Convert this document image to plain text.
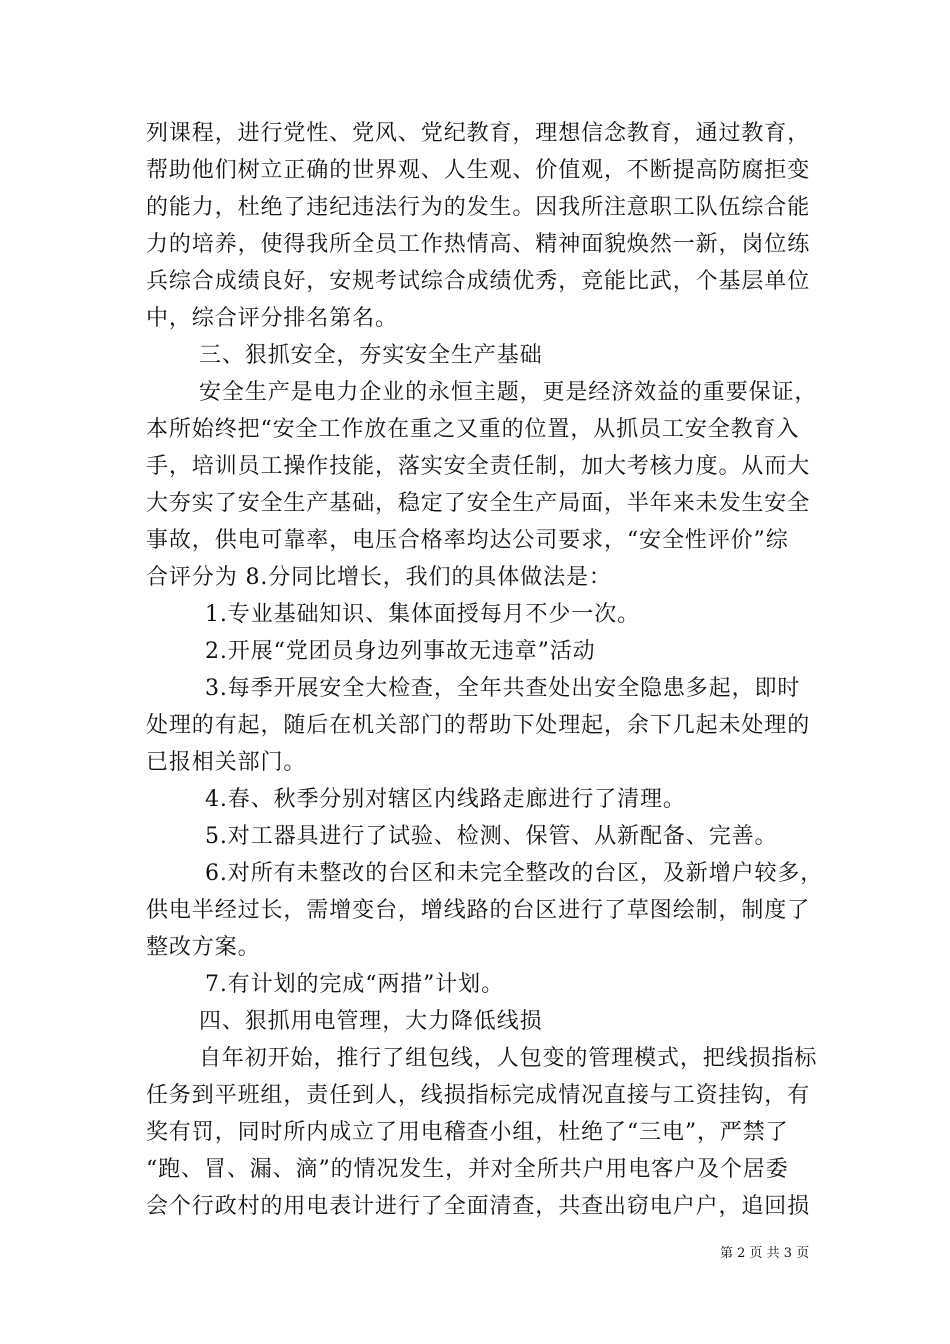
列课程，进行党性、党风、党纪教育，理想信念教育，通过教育，
帮助他们树立正确的世界观、人生观、价值观，不断提高防腐拒变
的能力，杜绝了违纪违法行为的发生。因我所注意职工队伍综合能
力的培养，使得我所全员工作热情高、精神面貌焕然一新，岗位练
兵综合成绩良好，安规考试综合成绩优秀，竞能比武，个基层单位
中，综合评分排名第名。
三、狠抓安全，夯实安全生产基础
安全生产是电力企业的永恒主题，更是经济效益的重要保证，
本所始终把“安全工作放在重之又重的位置，从抓员工安全教育入
手，培训员工操作技能，落实安全责任制，加大考核力度。从而大
大夯实了安全生产基础，稳定了安全生产局面，半年来未发生安全
事故，供电可靠率，电压合格率均达公司要求，“安全性评价”综
合评分为 8.分同比增长，我们的具体做法是：
1.专业基础知识、集体面授每月不少一次。
2.开展“党团员身边列事故无违章”活动
3.每季开展安全大检查，全年共查处出安全隐患多起，即时
处理的有起，随后在机关部门的帮助下处理起，余下几起未处理的
已报相关部门。
4.春、秋季分别对辖区内线路走廊进行了清理。
5.对工器具进行了试验、检测、保管、从新配备、完善。
6.对所有未整改的台区和未完全整改的台区，及新增户较多，
供电半经过长，需增变台，增线路的台区进行了草图绘制，制度了
整改方案。
7.有计划的完成“两措”计划。
四、狠抓用电管理，大力降低线损
自年初开始，推行了组包线，人包变的管理模式，把线损指标
任务到平班组，责任到人，线损指标完成情况直接与工资挂钩，有
奖有罚，同时所内成立了用电稽查小组，杜绝了“三电”，严禁了
“跑、冒、漏、滴”的情况发生，并对全所共户用电客户及个居委
会个行政村的用电表计进行了全面清查，共查出窃电户户，追回损
第 2 页 共 3 页
